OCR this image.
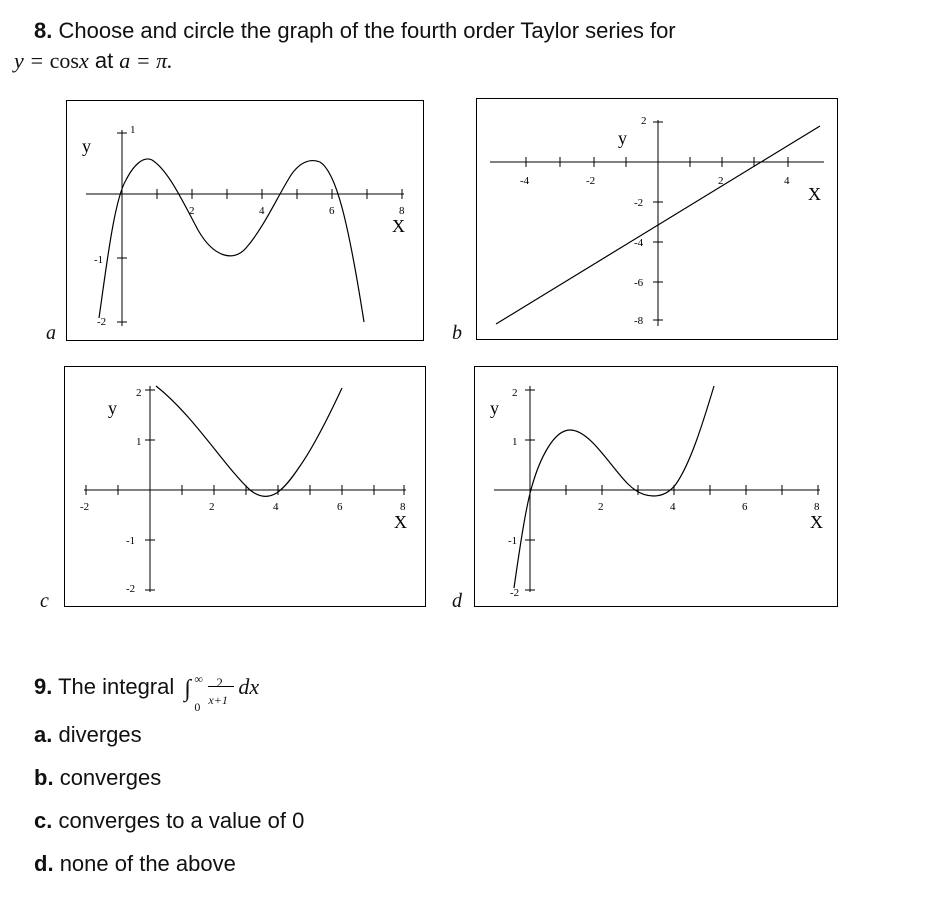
8. Choose and circle the graph of the fourth order Taylor series for
y = cosx at a = π.
1
-1
-2
2	4	6	8
y
X
a
2
-2
-4
-6
-8
-4	-2	2	4
y
X
b
2
1
-1
-2
-2	2	4	6	8
y
X
c
2
1
-1
-2
2	4	6	8
y
X
d
9. The integral ∫ ∞
0
2
x+1
dx
a. diverges
b. converges
c. converges to a value of 0
d. none of the above
